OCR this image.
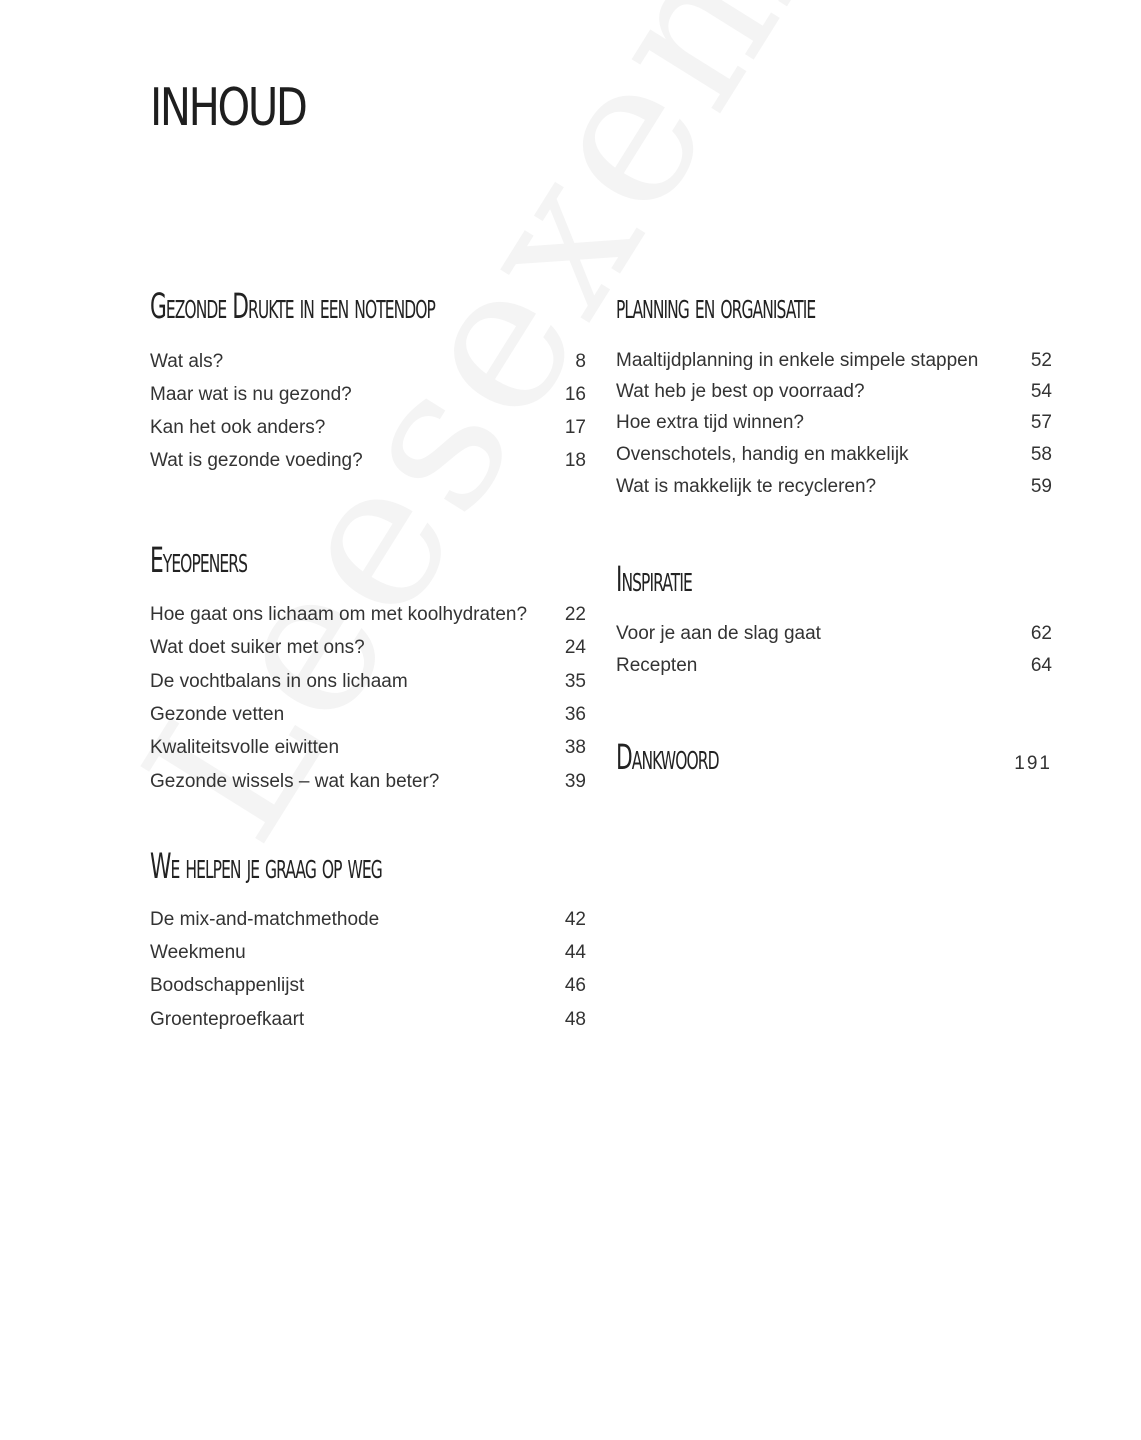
INHOUD
Gezonde Drukte in een notendop
Wat als?	8
Maar wat is nu gezond?	16
Kan het ook anders?	17
Wat is gezonde voeding?	18
Eyeopeners
Hoe gaat ons lichaam om met koolhydraten? 22
Wat doet suiker met ons?	24
De vochtbalans in ons lichaam	35
Gezonde vetten	36
Kwaliteitsvolle eiwitten	38
Gezonde wissels – wat kan beter?	39
We helpen je graag op weg
De mix-and-matchmethode	42
Weekmenu	44
Boodschappenlijst	46
Groenteproefkaart	48
planning en organisatie
Maaltijdplanning in enkele simpele stappen	52
Wat heb je best op voorraad?	54
Hoe extra tijd winnen?	57
Ovenschotels, handig en makkelijk	58
Wat is makkelijk te recycleren?	59
Inspiratie
Voor je aan de slag gaat	62
Recepten	64
Dankwoord	191
